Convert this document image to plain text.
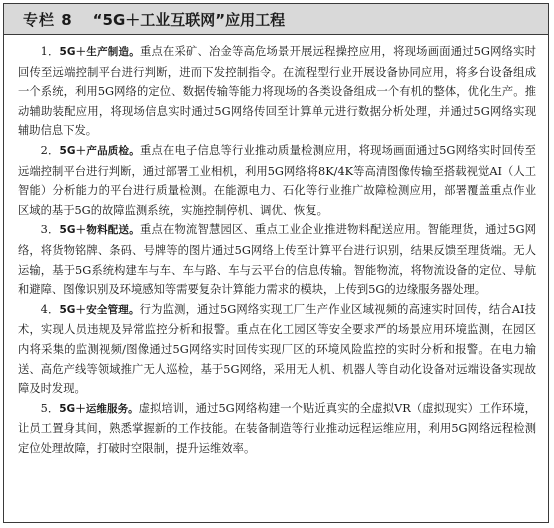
专栏 8 “5G＋工业互联网”应用工程

1．5G＋生产制造。重点在采矿、冶金等高危场景开展远程操控应用，将现场画面通过5G网络实时回传至远端控制平台进行判断，进而下发控制指令。在流程型行业开展设备协同应用，将多台设备组成一个系统，利用5G网络的定位、数据传输等能力将现场的各类设备组成一个有机的整体，优化生产。推动辅助装配应用，将现场信息实时通过5G网络传回至计算单元进行数据分析处理，并通过5G网络实现辅助信息下发。

2．5G＋产品质检。重点在电子信息等行业推动质量检测应用，将现场画面通过5G网络实时回传至远端控制平台进行判断，通过部署工业相机，利用5G网络将8K/4K等高清图像传输至搭载视觉AI（人工智能）分析能力的平台进行质量检测。在能源电力、石化等行业推广故障检测应用，部署覆盖重点作业区域的基于5G的故障监测系统，实施控制停机、调优、恢复。

3．5G＋物料配送。重点在物流智慧园区、重点工业企业推进物料配送应用。智能理货，通过5G网络，将货物铭牌、条码、号牌等的图片通过5G网络上传至计算平台进行识别，结果反馈至理货端。无人运输，基于5G系统构建车与车、车与路、车与云平台的信息传输。智能物流，将物流设备的定位、导航和避障、图像识别及环境感知等需要复杂计算能力需求的模块，上传到5G的边缘服务器处理。

4．5G＋安全管理。行为监测，通过5G网络实现工厂生产作业区域视频的高速实时回传，结合AI技术，实现人员违规及异常监控分析和报警。重点在化工园区等安全要求严的场景应用环境监测，在园区内将采集的监测视频/图像通过5G网络实时回传实现厂区的环境风险监控的实时分析和报警。在电力输送、高危产线等领域推广无人巡检，基于5G网络，采用无人机、机器人等自动化设备对远端设备实现故障及时发现。

5．5G＋运维服务。虚拟培训，通过5G网络构建一个贴近真实的全虚拟VR（虚拟现实）工作环境，让员工置身其间，熟悉掌握新的工作技能。在装备制造等行业推动远程运维应用，利用5G网络远程检测定位处理故障，打破时空限制，提升运维效率。
